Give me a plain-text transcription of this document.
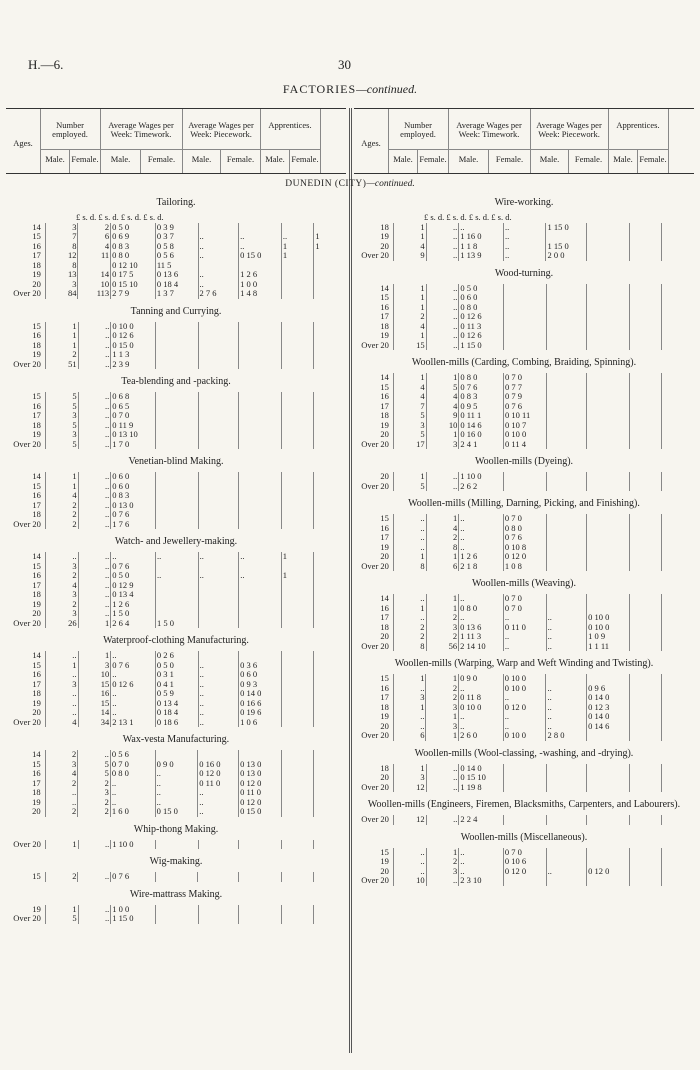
H.—6.	30
FACTORIES—continued.
Ages.
Number employed.
Male. Female.
Average Wages per Week: Timework.
Male.	Female.
Average Wages per Week: Piecework.
Male.	Female.
Apprentices.
Male. Female.
Ages.
Number employed.
Male. Female.
Average Wages per Week: Timework.
Male.	Female.
Average Wages per Week: Piecework.
Male.	Female.
Apprentices.
Male. Female.
DUNEDIN (CITY)—continued.
Tailoring.
£ s. d. £ s. d. £ s. d. £ s. d.								
14	3	2	0 5 0	0 3 9				
15	7	6	0 6 9	0 3 7	..	..	..	1
16	8	4	0 8 3	0 5 8	..	..	1	1
17	12	11	0 8 0	0 5 6	..	0 15 0	1	
18	8		0 12 10	11 5				
19	13	14	0 17 5	0 13 6	..	1 2 6		
20	3	10	0 15 10	0 18 4	..	1 0 0		
Over 20	84	113	2 7 9	1 3 7	2 7 6	1 4 8		
Tanning and Currying.
15	1	..	0 10 0					
16	1	..	0 12 6					
18	1	..	0 15 0					
19	2	..	1 1 3					
Over 20	51	..	2 3 9					
Tea-blending and -packing.
15	5	..	0 6 8					
16	5	..	0 6 5					
17	3	..	0 7 0					
18	5	..	0 11 9					
19	3	..	0 13 10					
Over 20	5	..	1 7 0					
Venetian-blind Making.
14	1	..	0 6 0					
15	1	..	0 6 0					
16	4	..	0 8 3					
17	2	..	0 13 0					
18	2	..	0 7 6					
Over 20	2	..	1 7 6					
Watch- and Jewellery-making.
14	..	..	..	..	..	..	1	
15	3	..	0 7 6					
16	2	..	0 5 0	..	..	..	1	
17	4	..	0 12 9					
18	3	..	0 13 4					
19	2	..	1 2 6					
20	3	..	1 5 0					
Over 20	26	1	2 6 4	1 5 0				
Waterproof-clothing Manufacturing.
14	..	1	..	0 2 6				
15	1	3	0 7 6	0 5 0	..	0 3 6		
16	..	10	..	0 3 1	..	0 6 0		
17	3	15	0 12 6	0 4 1	..	0 9 3		
18	..	16	..	0 5 9	..	0 14 0		
19	..	15	..	0 13 4	..	0 16 6		
20	..	14	..	0 18 4	..	0 19 6		
Over 20	4	34	2 13 1	0 18 6	..	1 0 6		
Wax-vesta Manufacturing.
14	2	..	0 5 6					
15	3	5	0 7 0	0 9 0	0 16 0	0 13 0		
16	4	5	0 8 0	..	0 12 0	0 13 0		
17	2	2	..	..	0 11 0	0 12 0		
18	..	3	..	..	..	0 11 0		
19	..	2	..	..	..	0 12 0		
20	2	2	1 6 0	0 15 0	..	0 15 0		
Whip-thong Making.
Over 20	1	..	1 10 0					
Wig-making.
15	2	..	0 7 6					
Wire-mattrass Making.
19	1	..	1 0 0					
Over 20	5	..	1 15 0					
Wire-working.
£ s. d. £ s. d. £ s. d. £ s. d.								
18	1	..	..	..	1 15 0			
19	1	..	1 16 0	..				
20	4	..	1 1 8	..	1 15 0			
Over 20	9	..	1 13 9	..	2 0 0			
Wood-turning.
14	1	..	0 5 0					
15	1	..	0 6 0					
16	1	..	0 8 0					
17	2	..	0 12 6					
18	4	..	0 11 3					
19	1	..	0 12 6					
Over 20	15	..	1 15 0					
Woollen-mills (Carding, Combing, Braiding, Spinning).
14	1	1	0 8 0	0 7 0				
15	4	5	0 7 6	0 7 7				
16	4	4	0 8 3	0 7 9				
17	7	4	0 9 5	0 7 6				
18	5	9	0 11 1	0 10 11				
19	3	10	0 14 6	0 10 7				
20	5	1	0 16 0	0 10 0				
Over 20	17	3	2 4 1	0 11 4				
Woollen-mills (Dyeing).
20	1	..	1 10 0					
Over 20	5	..	2 6 2					
Woollen-mills (Milling, Darning, Picking, and Finishing).
15	..	1	..	0 7 0				
16	..	4	..	0 8 0				
17	..	2	..	0 7 6				
19	..	8	..	0 10 8				
20	1	1	1 2 6	0 12 0				
Over 20	8	6	2 1 8	1 0 8				
Woollen-mills (Weaving).
14	..	1	..	0 7 0				
16	1	1	0 8 0	0 7 0				
17	..	2	..	..	..	0 10 0		
18	2	3	0 13 6	0 11 0	..	0 10 0		
20	2	2	1 11 3	..	..	1 0 9		
Over 20	8	56	2 14 10	..	..	1 1 11		
Woollen-mills (Warping, Warp and Weft Winding and Twisting).
15	1	1	0 9 0	0 10 0				
16	..	2	..	0 10 0	..	0 9 6		
17	3	2	0 11 8	..	..	0 14 0		
18	1	3	0 10 0	0 12 0	..	0 12 3		
19	..	1	..	..	..	0 14 0		
20	..	3	..	..	..	0 14 6		
Over 20	6	1	2 6 0	0 10 0	2 8 0			
Woollen-mills (Wool-classing, -washing, and -drying).
18	1	..	0 14 0					
20	3	..	0 15 10					
Over 20	12	..	1 19 8					
Woollen-mills (Engineers, Firemen, Blacksmiths, Carpenters, and Labourers).
Over 20	12	..	2 2 4					
Woollen-mills (Miscellaneous).
15	..	1	..	0 7 0				
19	..	2	..	0 10 6				
20	..	3	..	0 12 0	..	0 12 0		
Over 20	10	..	2 3 10					
